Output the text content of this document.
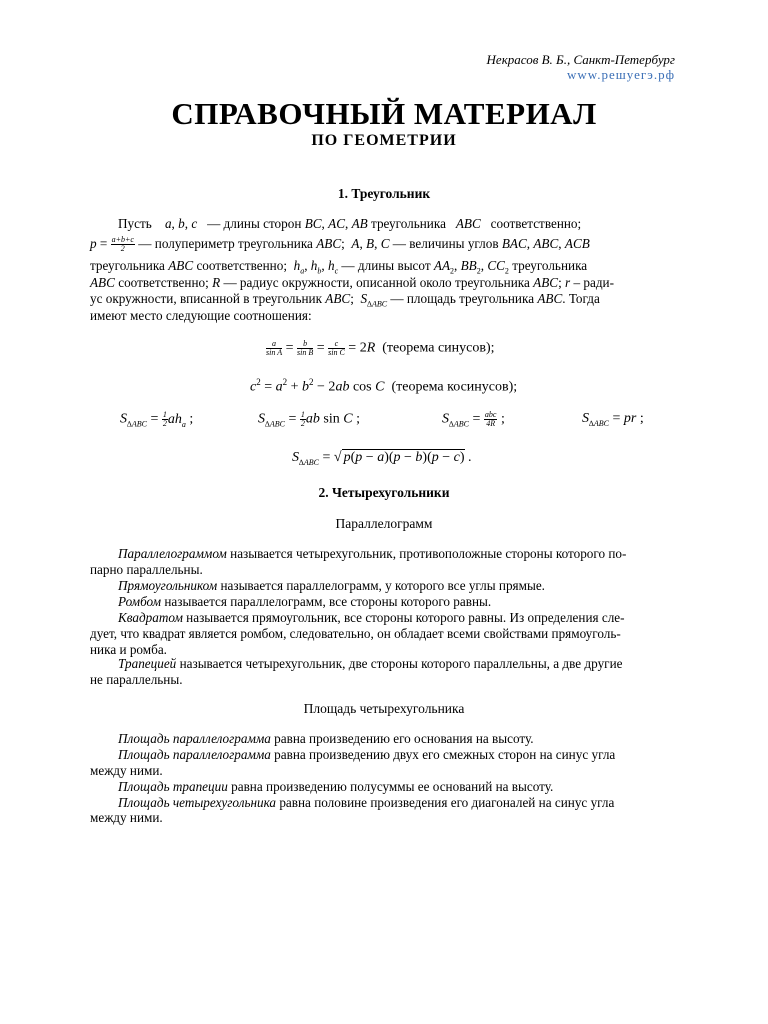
Некрасов В. Б., Санкт-Петербург
www.решуегэ.рф
СПРАВОЧНЫЙ МАТЕРИАЛ
ПО ГЕОМЕТРИИ
1. Треугольник
Пусть    a, b, c   — длины сторон BC, AC, AB треугольника   ABC   соответственно;
$p = \frac{a+b+c}{2}$ — полупериметр треугольника ABC;  A, B, C — величины углов BAC, ABC, ACB
треугольника ABC соответственно;  $h_a$, $h_b$, $h_c$ — длины высот $AA_2$, $BB_2$, $CC_2$ треугольника
ABC соответственно; R — радиус окружности, описанной около треугольника ABC; r – ради-
ус окружности, вписанной в треугольник ABC;  $S_{\Delta ABC}$ — площадь треугольника ABC. Тогда
имеют место следующие соотношения:
$\frac{a}{\text{sin A}} = \frac{b}{\text{sin B}} = \frac{c}{\text{sin C}} = 2R$ (теорема синусов);
$c^2 = a^2 + b^2 - 2ab$ cos C (теорема косинусов);
$S_{\Delta ABC} = \frac{1}{2} ah_a$ ;	$S_{\Delta ABC} = \frac{1}{2}$ ab sin C ;	$S_{\Delta ABC} = \frac{\text{abc}}{4R}$ ;	$S_{\Delta ABC}$ = pr ;
$S_{\Delta ABC}$ = √ p(p − a)(p − b)(p − c) .
2. Четырехугольники
Параллелограмм
Параллелограммом называется четырехугольник, противоположные стороны которого по-
парно параллельны.
Прямоугольником называется параллелограмм, у которого все углы прямые.
Ромбом называется параллелограмм, все стороны которого равны.
Квадратом называется прямоугольник, все стороны которого равны. Из определения сле-
дует, что квадрат является ромбом, следовательно, он обладает всеми свойствами прямоуголь-
ника и ромба.
Трапецией называется четырехугольник, две стороны которого параллельны, а две другие
не параллельны.
Площадь четырехугольника
Площадь параллелограмма равна произведению его основания на высоту.
Площадь параллелограмма равна произведению двух его смежных сторон на синус угла
между ними.
Площадь трапеции равна произведению полусуммы ее оснований на высоту.
Площадь четырехугольника равна половине произведения его диагоналей на синус угла
между ними.
